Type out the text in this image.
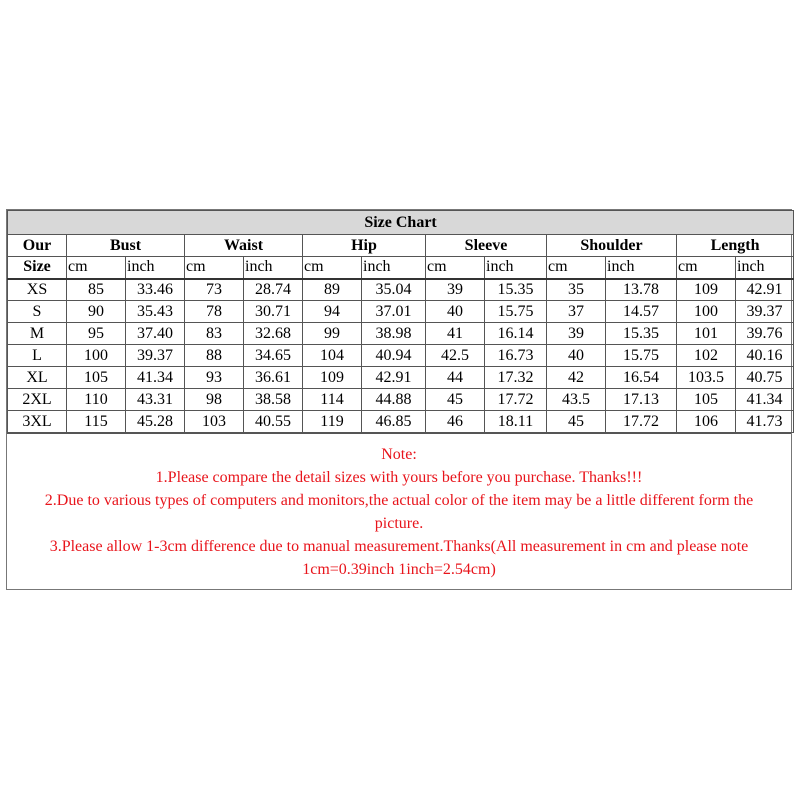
Size Chart												
Our	Bust		Waist		Hip		Sleeve		Shoulder		Length	
Size	cm	inch	cm	inch	cm	inch	cm	inch	cm	inch	cm	inch
XS	85	33.46	73	28.74	89	35.04	39	15.35	35	13.78	109	42.91
S	90	35.43	78	30.71	94	37.01	40	15.75	37	14.57	100	39.37
M	95	37.40	83	32.68	99	38.98	41	16.14	39	15.35	101	39.76
L	100	39.37	88	34.65	104	40.94	42.5	16.73	40	15.75	102	40.16
XL	105	41.34	93	36.61	109	42.91	44	17.32	42	16.54	103.5	40.75
2XL	110	43.31	98	38.58	114	44.88	45	17.72	43.5	17.13	105	41.34
3XL	115	45.28	103	40.55	119	46.85	46	18.11	45	17.72	106	41.73
Note:
1.Please compare the detail sizes with yours before you purchase. Thanks!!!
2.Due to various types of computers and monitors,the actual color of the item may be a little different form the
picture.
3.Please allow 1-3cm difference due to manual measurement.Thanks(All measurement in cm and please note
1cm=0.39inch 1inch=2.54cm)
